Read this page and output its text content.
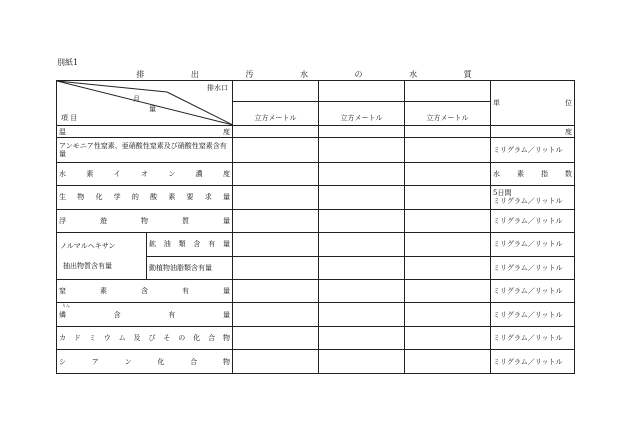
別紙1
排 出 汚 水 の 水 質
排水口
月
量
項 目					単　　　位
		立方メートル	立方メートル	立方メートル	
温　　　　　度					度
アンモニア性窒素、亜硝酸性窒素及び硝酸性窒素含有量					ミリグラム／リットル
水 素 イ オ ン 濃 度					水　素　指　数
生 物 化 学 的 酸 素 要 求 量					5日間
ミリグラム／リットル

浮　遊　物　質　量					ミリグラム／リットル

ノルマルヘキサン
抽出物質含有量	鉱 油 類 含 有 量				ミリグラム／リットル
	動植物油脂類含有量				ミリグラム／リットル
窒　素　含　有　量					ミリグラム／リットル

りん
燐　　含　　有　　量					ミリグラム／リットル
カ ド ミ ウ ム 及 び そ の 化 合 物					ミリグラム／リットル
シ ア ン 化 合 物					ミリグラム／リットル
